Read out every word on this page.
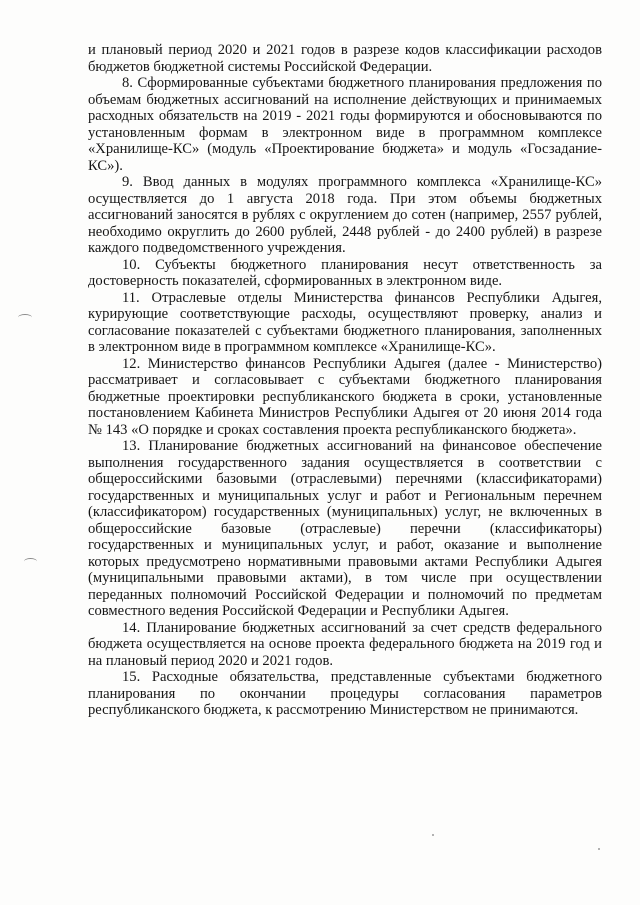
и плановый период 2020 и 2021 годов в разрезе кодов классификации расходов бюджетов бюджетной системы Российской Федерации.

8. Сформированные субъектами бюджетного планирования предложения по объемам бюджетных ассигнований на исполнение действующих и принимаемых расходных обязательств на 2019 - 2021 годы формируются и обосновываются по установленным формам в электронном виде в программном комплексе «Хранилище-КС» (модуль «Проектирование бюджета» и модуль «Госзадание-КС»).

9. Ввод данных в модулях программного комплекса «Хранилище-КС» осуществляется до 1 августа 2018 года. При этом объемы бюджетных ассигнований заносятся в рублях с округлением до сотен (например, 2557 рублей, необходимо округлить до 2600 рублей, 2448 рублей - до 2400 рублей) в разрезе каждого подведомственного учреждения.

10. Субъекты бюджетного планирования несут ответственность за достоверность показателей, сформированных в электронном виде.

11. Отраслевые отделы Министерства финансов Республики Адыгея, курирующие соответствующие расходы, осуществляют проверку, анализ и согласование показателей с субъектами бюджетного планирования, заполненных в электронном виде в программном комплексе «Хранилище-КС».

12. Министерство финансов Республики Адыгея (далее - Министерство) рассматривает и согласовывает с субъектами бюджетного планирования бюджетные проектировки республиканского бюджета в сроки, установленные постановлением Кабинета Министров Республики Адыгея от 20 июня 2014 года № 143 «О порядке и сроках составления проекта республиканского бюджета».

13. Планирование бюджетных ассигнований на финансовое обеспечение выполнения государственного задания осуществляется в соответствии с общероссийскими базовыми (отраслевыми) перечнями (классификаторами) государственных и муниципальных услуг и работ и Региональным перечнем (классификатором) государственных (муниципальных) услуг, не включенных в общероссийские базовые (отраслевые) перечни (классификаторы) государственных и муниципальных услуг, и работ, оказание и выполнение которых предусмотрено нормативными правовыми актами Республики Адыгея (муниципальными правовыми актами), в том числе при осуществлении переданных полномочий Российской Федерации и полномочий по предметам совместного ведения Российской Федерации и Республики Адыгея.

14. Планирование бюджетных ассигнований за счет средств федерального бюджета осуществляется на основе проекта федерального бюджета на 2019 год и на плановый период 2020 и 2021 годов.

15. Расходные обязательства, представленные субъектами бюджетного планирования по окончании процедуры согласования параметров республиканского бюджета, к рассмотрению Министерством не принимаются.
